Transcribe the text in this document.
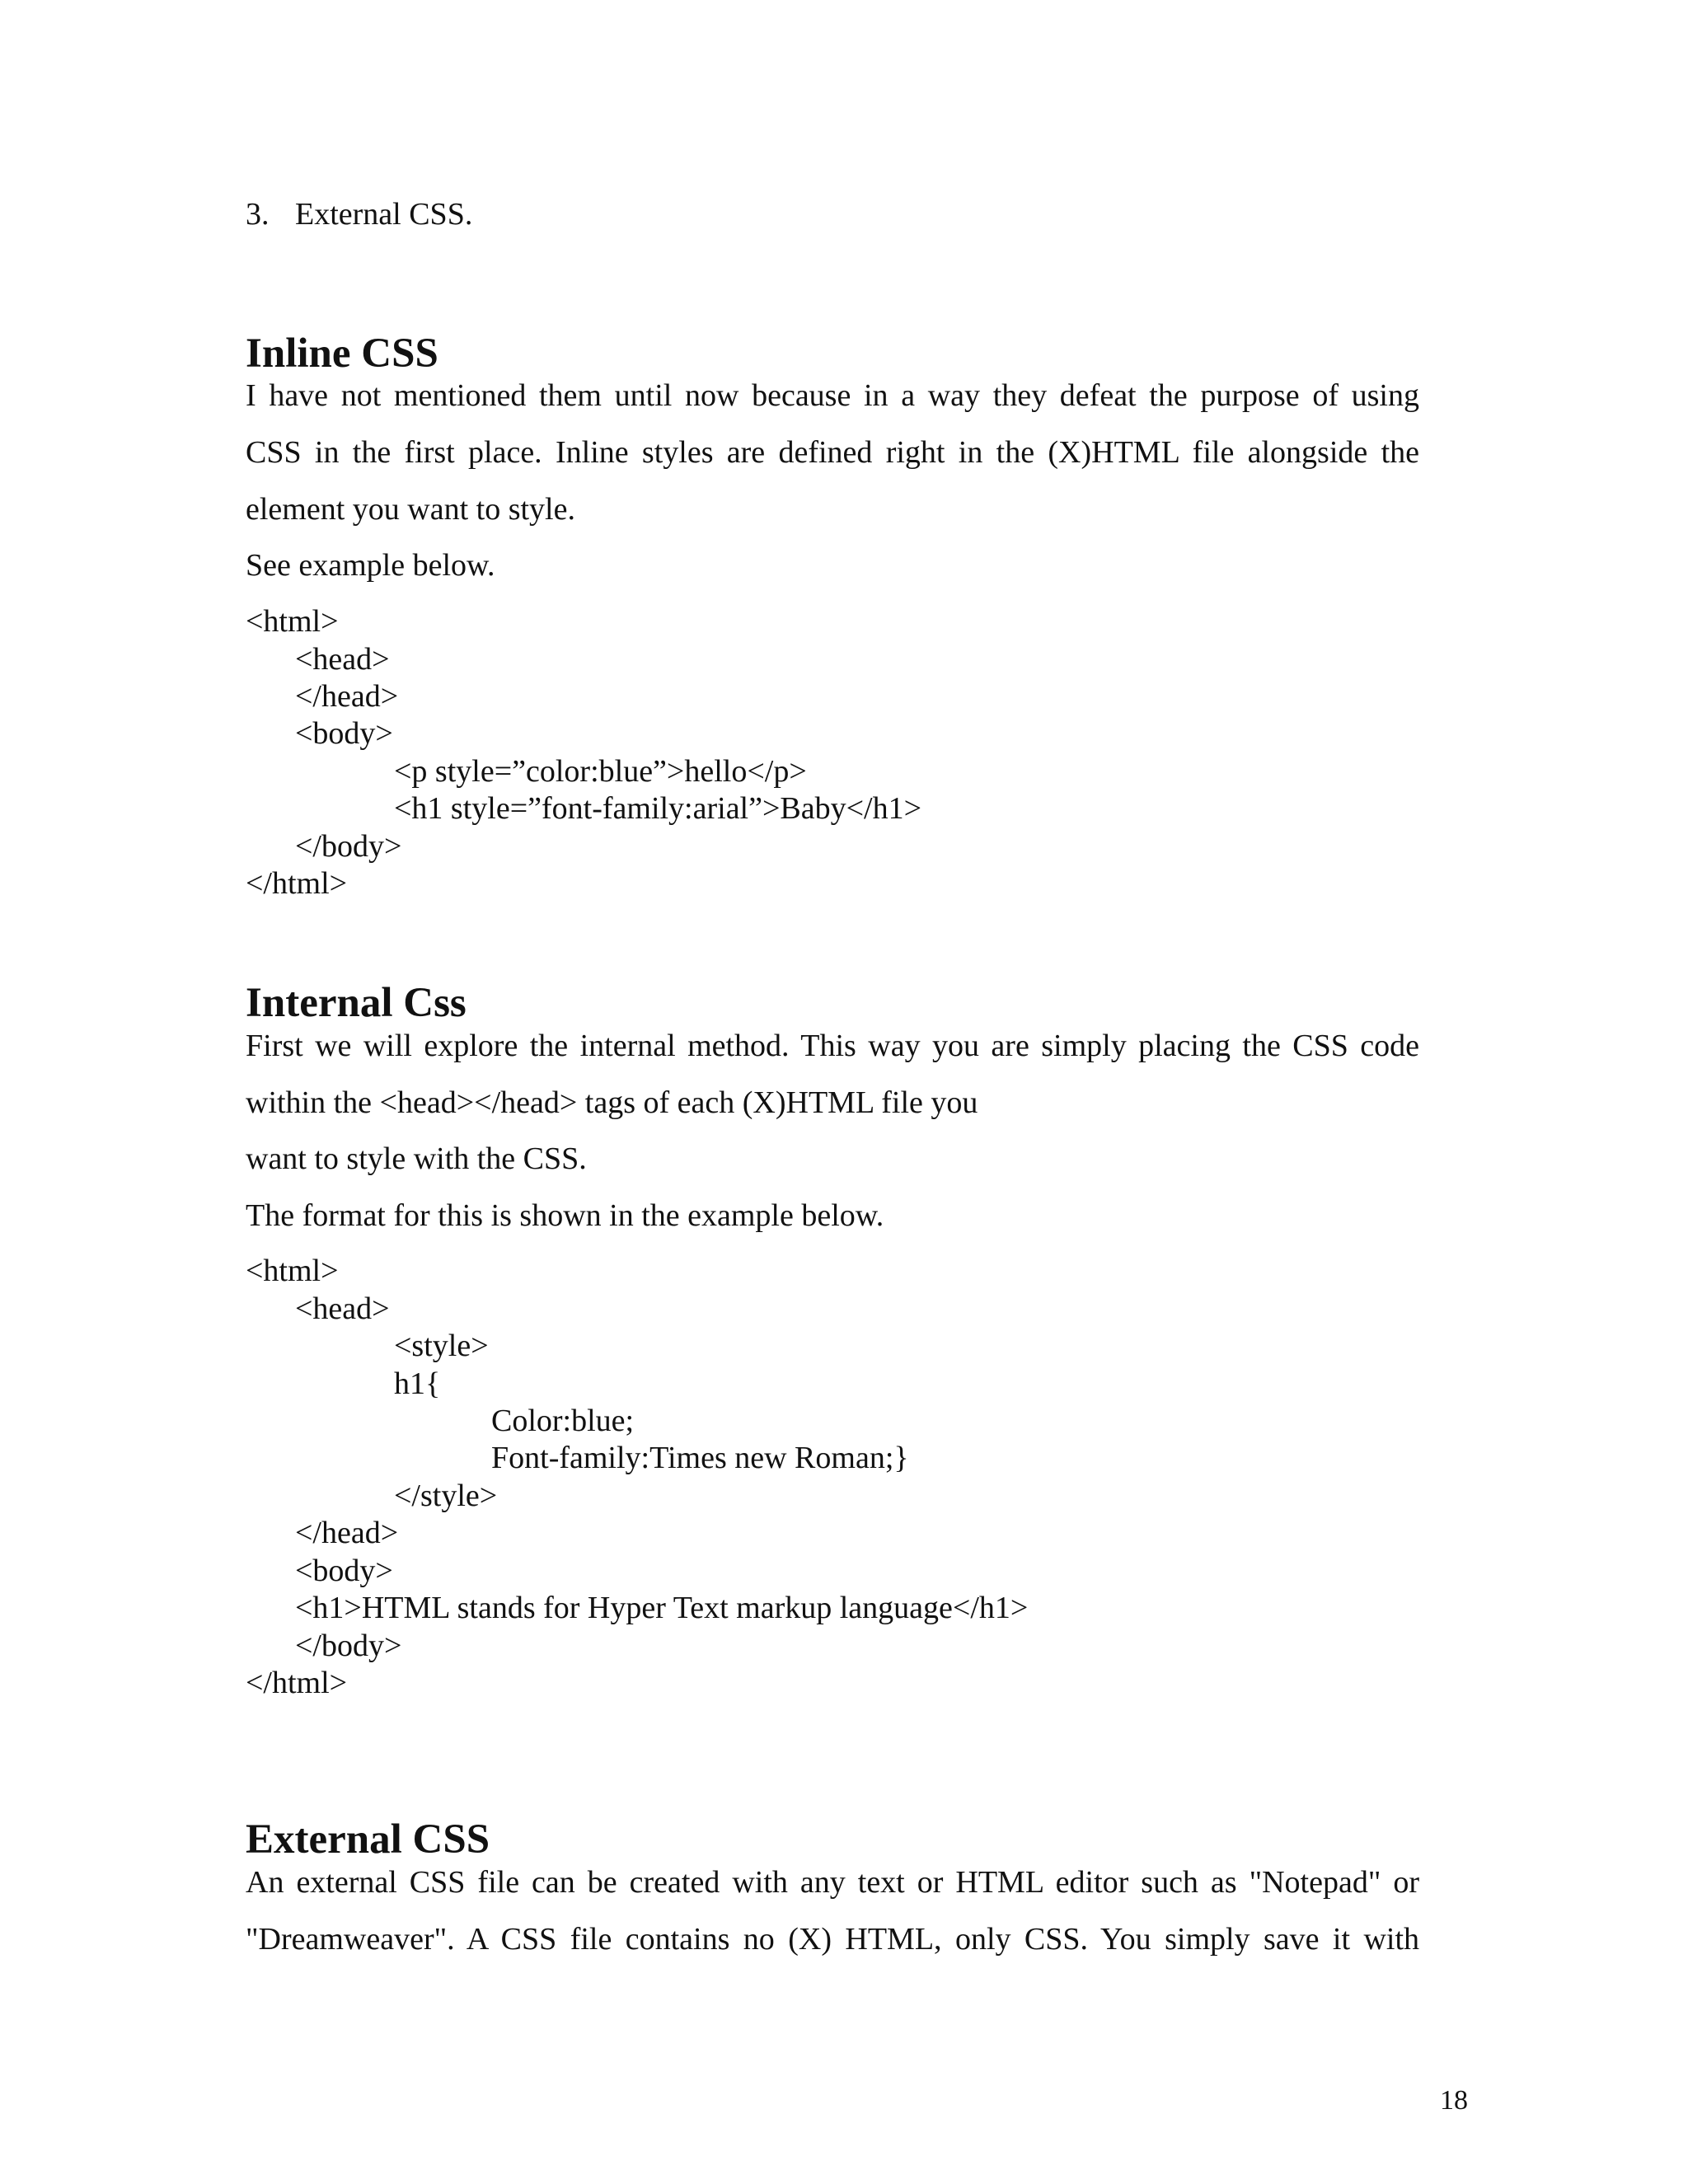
3. External CSS.
Inline CSS
I have not mentioned them until now because in a way they defeat the purpose of using
CSS in the first place. Inline styles are defined right in the (X)HTML file alongside the
element you want to style.
See example below.
<html>
<head>
</head>
<body>
<p style=”color:blue”>hello</p>
<h1 style=”font-family:arial”>Baby</h1>
</body>
</html>
Internal Css
First we will explore the internal method. This way you are simply placing the CSS code
within the <head></head> tags of each (X)HTML file you
want to style with the CSS.
The format for this is shown in the example below.
<html>
<head>
<style>
h1{
Color:blue;
Font-family:Times new Roman;}
</style>
</head>
<body>
<h1>HTML stands for Hyper Text markup language</h1>
</body>
</html>
External CSS
An external CSS file can be created with any text or HTML editor such as "Notepad" or
"Dreamweaver". A CSS file contains no (X) HTML, only CSS. You simply save it with
18
